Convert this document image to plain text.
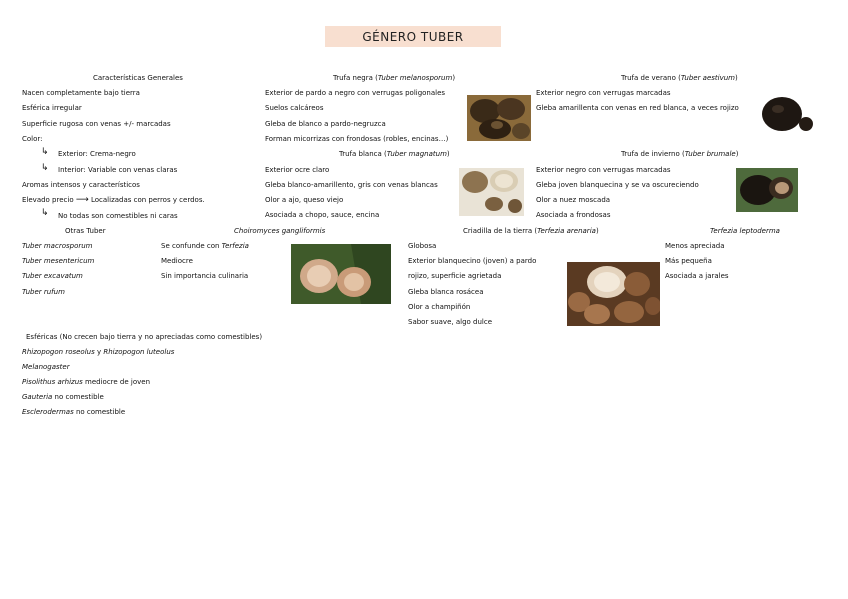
GÉNERO TUBER
Características Generales
Nacen completamente bajo tierra
Esférica irregular
Superficie rugosa con venas +/- marcadas
Color:
↳ Exterior: Crema-negro
↳ Interior: Variable con venas claras
Aromas intensos y característicos
Elevado precio ⟶ Localizadas con perros y cerdos.
↳ No todas son comestibles ni caras
Trufa negra (Tuber melanosporum)
Exterior de pardo a negro con verrugas poligonales
Suelos calcáreos
Gleba de blanco a pardo-negruzca
Forman micorrizas con frondosas (robles, encinas…)
Trufa de verano (Tuber aestivum)
Exterior negro con verrugas marcadas
Gleba amarillenta con venas en red blanca, a veces rojizo
Trufa blanca (Tuber magnatum)
Exterior ocre claro
Gleba blanco-amarillento, gris con venas blancas
Olor a ajo, queso viejo
Asociada a chopo, sauce, encina
Trufa de invierno (Tuber brumale)
Exterior negro con verrugas marcadas
Gleba joven blanquecina y se va oscureciendo
Olor a nuez moscada
Asociada a frondosas
Otras Tuber
Tuber macrosporum
Tuber mesentericum
Tuber excavatum
Tuber rufum
Choiromyces gangliformis
Se confunde con Terfezia
Mediocre
Sin importancia culinaria
Criadilla de la tierra (Terfezia arenaria)
Globosa
Exterior blanquecino (joven) a pardo
rojizo, superficie agrietada
Gleba blanca rosácea
Olor a champiñón
Sabor suave, algo dulce
Terfezia leptoderma
Menos apreciada
Más pequeña
Asociada a jarales
Esféricas (No crecen bajo tierra y no apreciadas como comestibles)
Rhizopogon roseolus y Rhizopogon luteolus
Melanogaster
Pisolithus arhizus mediocre de joven
Gauteria no comestible
Esclerodermas no comestible
